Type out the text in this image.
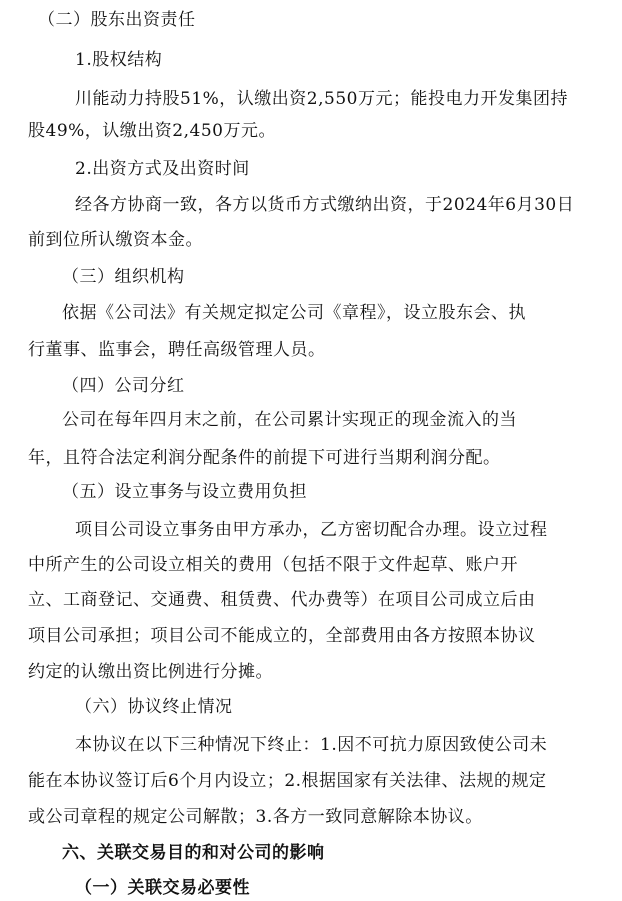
（二）股东出资责任
1.股权结构
川能动力持股51%，认缴出资2,550万元；能投电力开发集团持
股49%，认缴出资2,450万元。
2.出资方式及出资时间
经各方协商一致，各方以货币方式缴纳出资，于2024年6月30日
前到位所认缴资本金。
（三）组织机构
依据《公司法》有关规定拟定公司《章程》，设立股东会、执
行董事、监事会，聘任高级管理人员。
（四）公司分红
公司在每年四月末之前，在公司累计实现正的现金流入的当
年，且符合法定利润分配条件的前提下可进行当期利润分配。
（五）设立事务与设立费用负担
项目公司设立事务由甲方承办，乙方密切配合办理。设立过程
中所产生的公司设立相关的费用（包括不限于文件起草、账户开
立、工商登记、交通费、租赁费、代办费等）在项目公司成立后由
项目公司承担；项目公司不能成立的，全部费用由各方按照本协议
约定的认缴出资比例进行分摊。
（六）协议终止情况
本协议在以下三种情况下终止：1.因不可抗力原因致使公司未
能在本协议签订后6个月内设立；2.根据国家有关法律、法规的规定
或公司章程的规定公司解散；3.各方一致同意解除本协议。
六、关联交易目的和对公司的影响
（一）关联交易必要性
